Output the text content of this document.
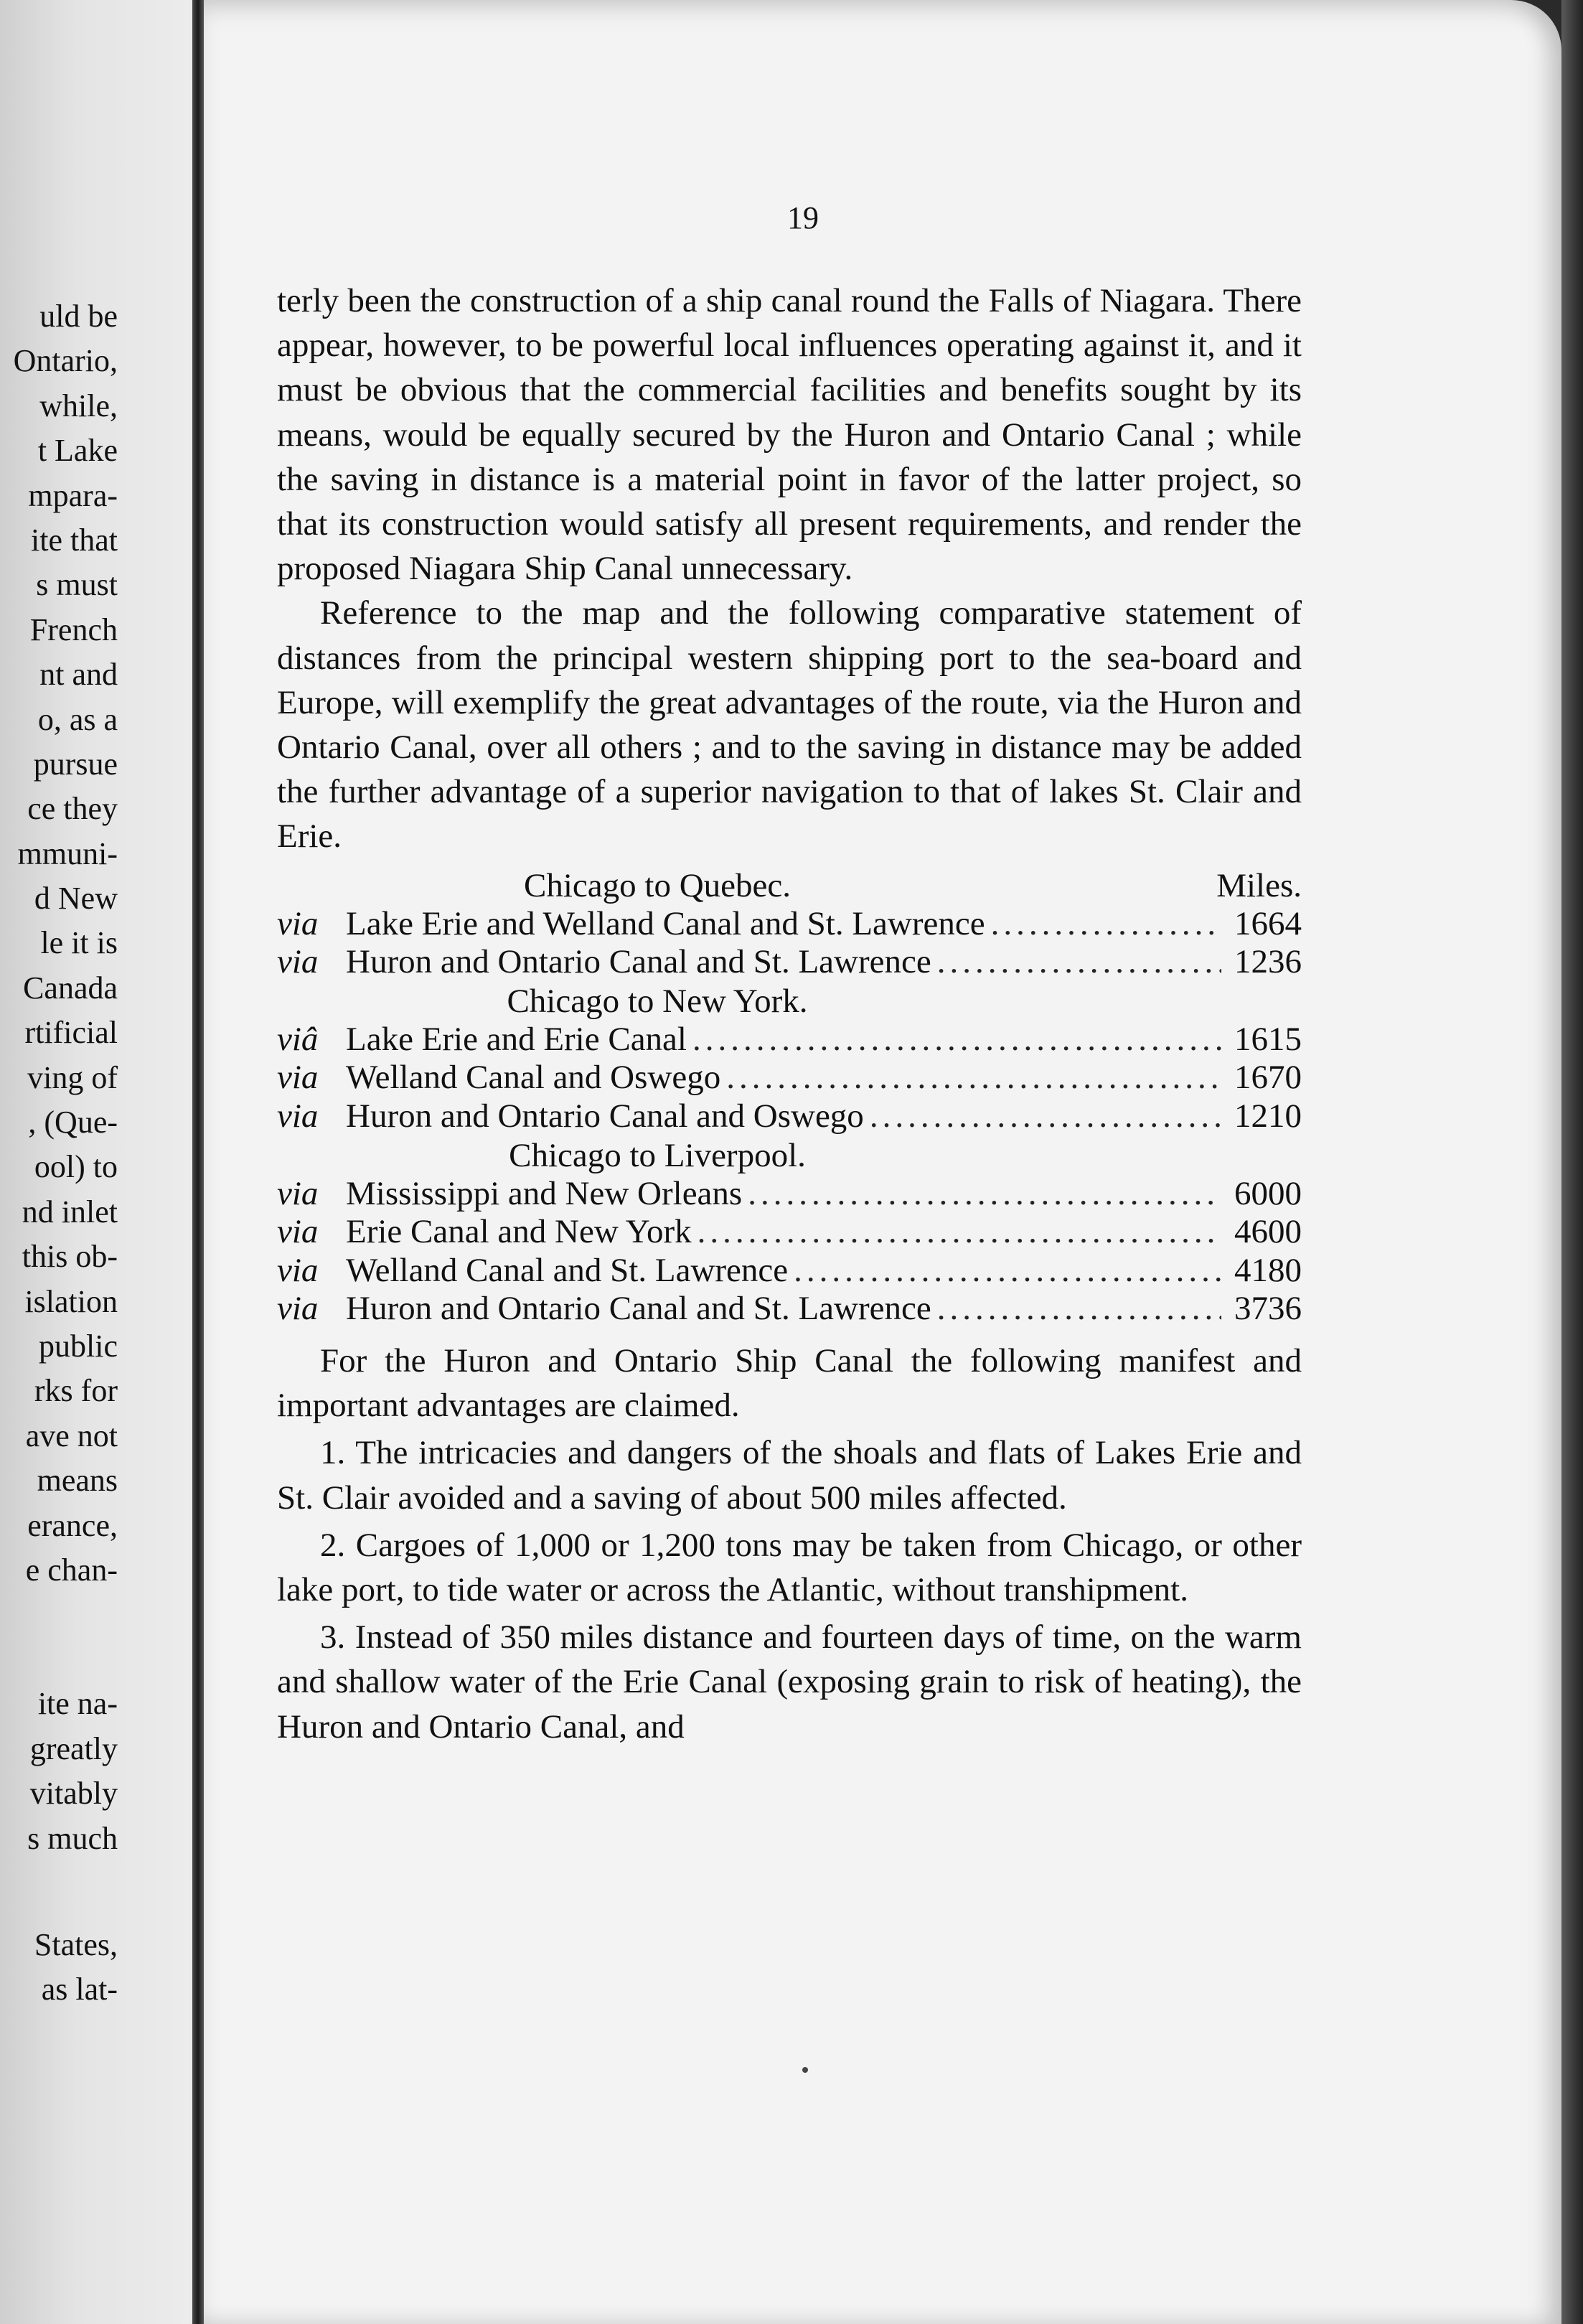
uld be
Ontario,
while,
t Lake
mpara-
ite that
s must
French
nt and
o, as a
pursue
ce they
mmuni-
d New
le it is
Canada
rtificial
ving of
, (Que-
ool) to
nd inlet
this ob-
islation
public
rks for
ave not
means
erance,
e chan-
ite na-
greatly
vitably
s much
States,
as lat-
19

terly been the construction of a ship canal round the Falls of Niagara. There appear, however, to be powerful local influences operating against it, and it must be obvious that the commercial facilities and benefits sought by its means, would be equally secured by the Huron and Ontario Canal ; while the saving in distance is a material point in favor of the latter project, so that its construction would satisfy all present requirements, and render the proposed Niagara Ship Canal unnecessary.

Reference to the map and the following comparative statement of distances from the principal western shipping port to the sea-board and Europe, will exemplify the great advantages of the route, via the Huron and Ontario Canal, over all others ; and to the saving in distance may be added the further advantage of a superior navigation to that of lakes St. Clair and Erie.

Chicago to Quebec.	Miles.
via Lake Erie and Welland Canal and St. Lawrence .....	1664
via Huron and Ontario Canal and St. Lawrence .....	1236
Chicago to New York.
viâ Lake Erie and Erie Canal .....	1615
via Welland Canal and Oswego .....	1670
via Huron and Ontario Canal and Oswego .....	1210
Chicago to Liverpool.
via Mississippi and New Orleans .....	6000
via Erie Canal and New York .....	4600
via Welland Canal and St. Lawrence .....	4180
via Huron and Ontario Canal and St. Lawrence .....	3736

For the Huron and Ontario Ship Canal the following manifest and important advantages are claimed.

1. The intricacies and dangers of the shoals and flats of Lakes Erie and St. Clair avoided and a saving of about 500 miles affected.

2. Cargoes of 1,000 or 1,200 tons may be taken from Chicago, or other lake port, to tide water or across the Atlantic, without transhipment.

3. Instead of 350 miles distance and fourteen days of time, on the warm and shallow water of the Erie Canal (exposing grain to risk of heating), the Huron and Ontario Canal, and
